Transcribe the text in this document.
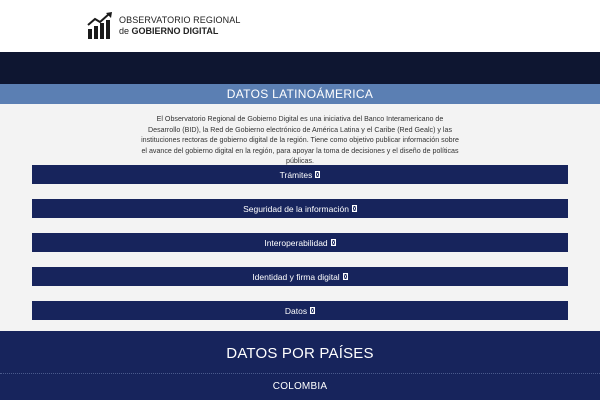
OBSERVATORIO REGIONAL
de GOBIERNO DIGITAL
DATOS LATINOÁMERICA
El Observatorio Regional de Gobierno Digital es una iniciativa del Banco Interamericano de Desarrollo (BID), la Red de Gobierno electrónico de América Latina y el Caribe (Red Gealc) y las instituciones rectoras de gobierno digital de la región. Tiene como objetivo publicar información sobre el avance del gobierno digital en la región, para apoyar la toma de decisiones y el diseño de políticas públicas.
Trámites
Seguridad de la información
Interoperabilidad
Identidad y firma digital
Datos
DATOS POR PAÍSES
COLOMBIA
